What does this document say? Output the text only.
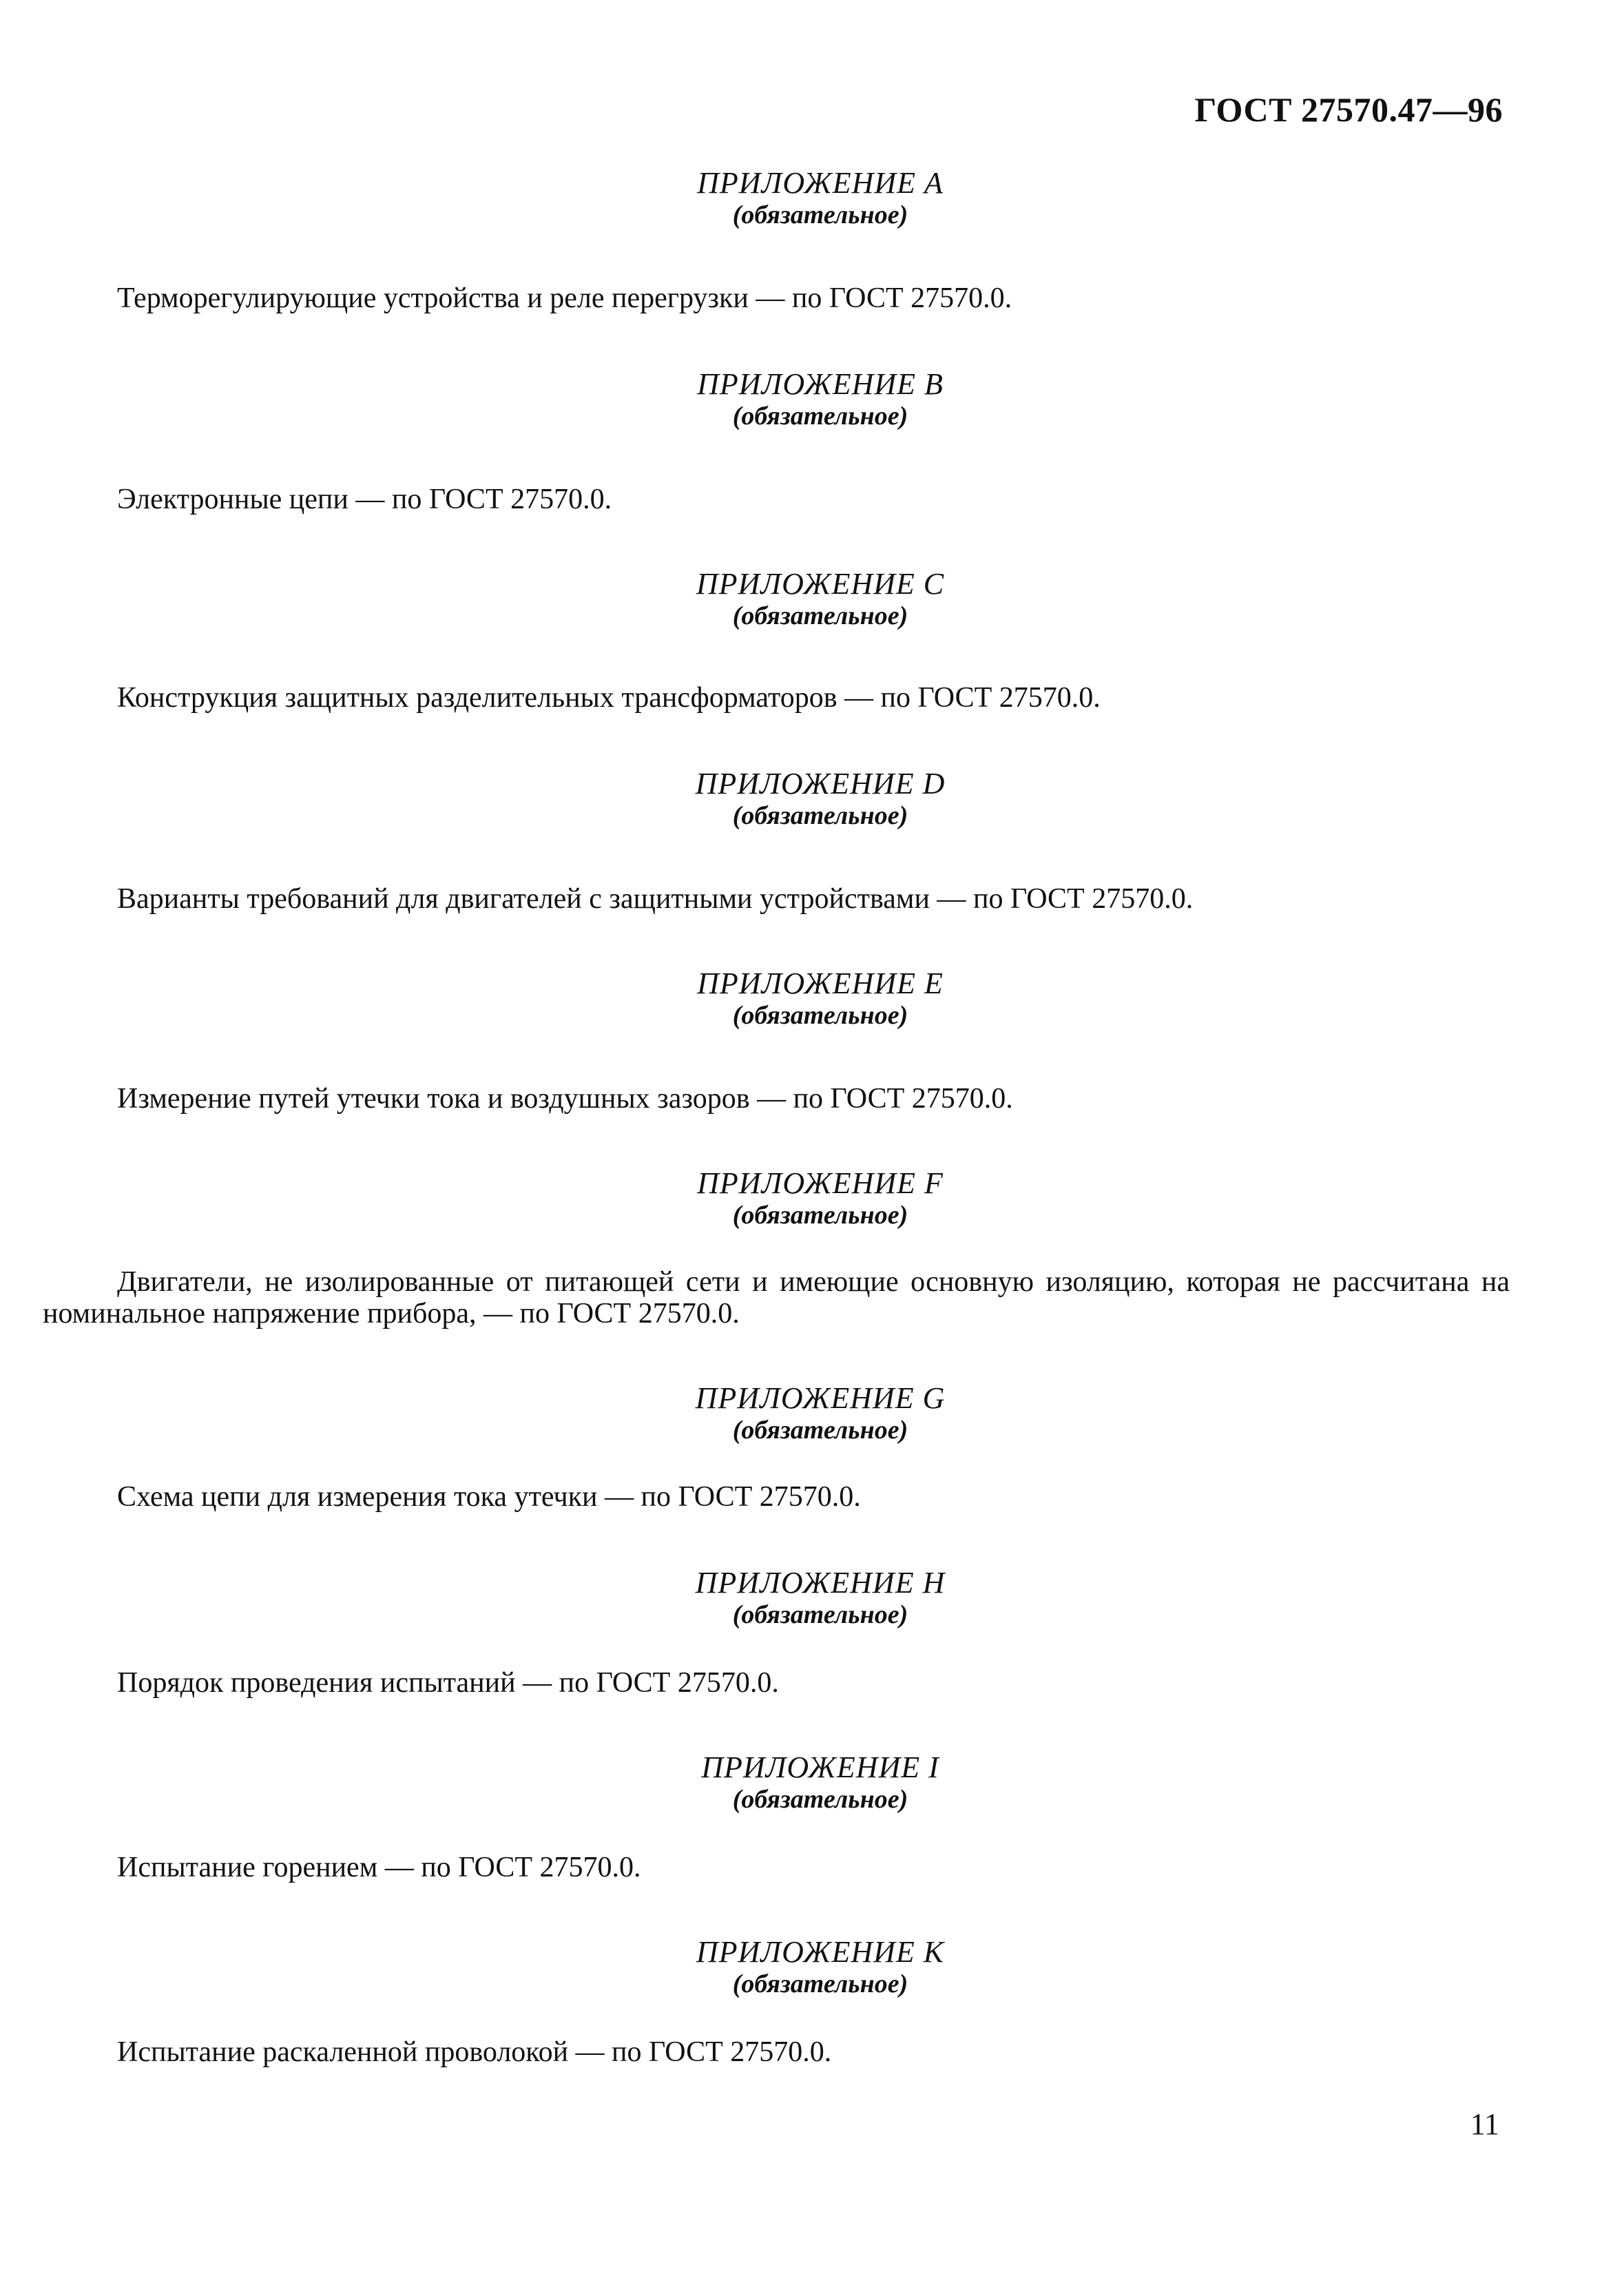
ГОСТ 27570.47—96
ПРИЛОЖЕНИЕ A
(обязательное)
Терморегулирующие устройства и реле перегрузки — по ГОСТ 27570.0.
ПРИЛОЖЕНИЕ B
(обязательное)
Электронные цепи — по ГОСТ 27570.0.
ПРИЛОЖЕНИЕ C
(обязательное)
Конструкция защитных разделительных трансформаторов — по ГОСТ 27570.0.
ПРИЛОЖЕНИЕ D
(обязательное)
Варианты требований для двигателей с защитными устройствами — по ГОСТ 27570.0.
ПРИЛОЖЕНИЕ E
(обязательное)
Измерение путей утечки тока и воздушных зазоров — по ГОСТ 27570.0.
ПРИЛОЖЕНИЕ F
(обязательное)
Двигатели, не изолированные от питающей сети и имеющие основную изоляцию, которая не рассчитана на номинальное напряжение прибора, — по ГОСТ 27570.0.
ПРИЛОЖЕНИЕ G
(обязательное)
Схема цепи для измерения тока утечки — по ГОСТ 27570.0.
ПРИЛОЖЕНИЕ H
(обязательное)
Порядок проведения испытаний — по ГОСТ 27570.0.
ПРИЛОЖЕНИЕ I
(обязательное)
Испытание горением — по ГОСТ 27570.0.
ПРИЛОЖЕНИЕ K
(обязательное)
Испытание раскаленной проволокой — по ГОСТ 27570.0.
11
